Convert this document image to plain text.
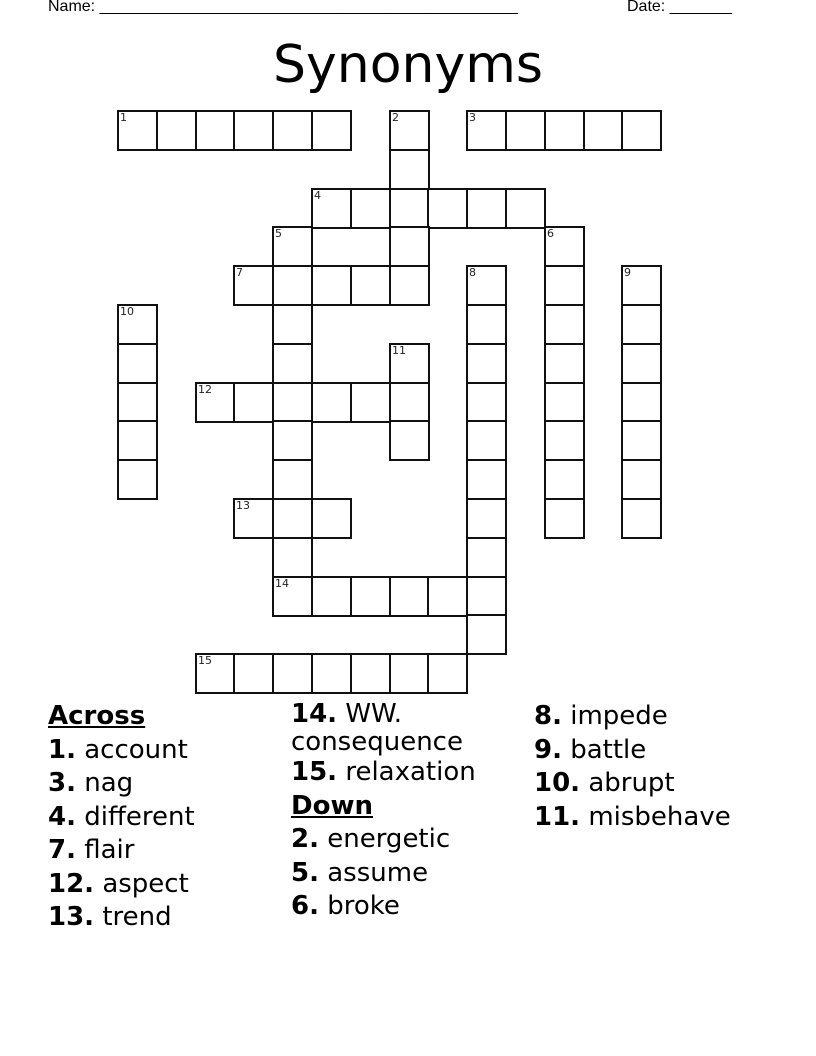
Name: _______________________________________________	Date: _______
Synonyms
1	2	3
4
5	6
7	8	9
10
11
12
13
14
15
Across
1. account
3. nag
4. different
7. flair
12. aspect
13. trend
14. WW. consequence
15. relaxation
Down
2. energetic
5. assume
6. broke
8. impede
9. battle
10. abrupt
11. misbehave
